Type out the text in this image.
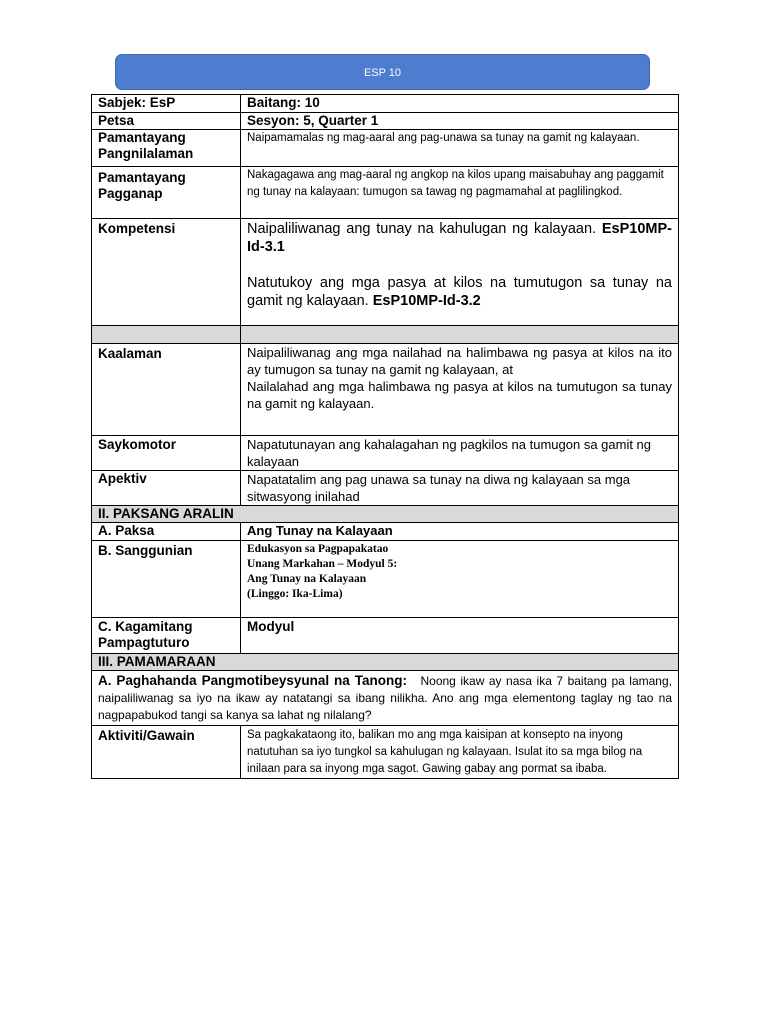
ESP 10
Sabjek: EsP	Baitang: 10
Petsa	Sesyon: 5, Quarter 1

Pamantayang
Pangnilalaman	Naipamamalas ng mag-aaral ang pag-unawa sa tunay na gamit ng kalayaan.

Pamantayang
Pagganap	Nakagagawa ang mag-aaral ng angkop na kilos upang maisabuhay ang paggamit ng tunay na kalayaan: tumugon sa tawag ng pagmamahal at paglilingkod.
Kompetensi	Naipaliliwanag ang tunay na kahulugan ng kalayaan. EsP10MP-Id-3.1

Natutukoy ang mga pasya at kilos na tumutugon sa tunay na gamit ng kalayaan. EsP10MP-Id-3.2

Kaalaman	Naipaliliwanag ang mga nailahad na halimbawa ng pasya at kilos na ito ay tumugon sa tunay na gamit ng kalayaan, at
Nailalahad ang mga halimbawa ng pasya at kilos na tumutugon sa tunay na gamit ng kalayaan.

Saykomotor	Napatutunayan ang kahalagahan ng pagkilos na tumugon sa gamit ng kalayaan
Apektiv	Napatatalim ang pag unawa sa tunay na diwa ng kalayaan sa mga sitwasyong inilahad
II. PAKSANG ARALIN	
A. Paksa	Ang Tunay na Kalayaan
B. Sanggunian	Edukasyon sa Pagpapakatao
Unang Markahan – Modyul 5:
Ang Tunay na Kalayaan
(Linggo: Ika-Lima)

C. Kagamitang
Pampagtuturo	Modyul
III. PAMAMARAAN	
A. Paghahanda Pangmotibeysyunal na Tanong: Noong ikaw ay nasa ika 7 baitang pa lamang, naipaliliwanag sa iyo na ikaw ay natatangi sa ibang nilikha. Ano ang mga elementong taglay ng tao na nagpapabukod tangi sa kanya sa lahat ng nilalang?	
Aktiviti/Gawain	Sa pagkakataong ito, balikan mo ang mga kaisipan at konsepto na inyong natutuhan sa iyo tungkol sa kahulugan ng kalayaan. Isulat ito sa mga bilog na inilaan para sa inyong mga sagot. Gawing gabay ang pormat sa ibaba.
